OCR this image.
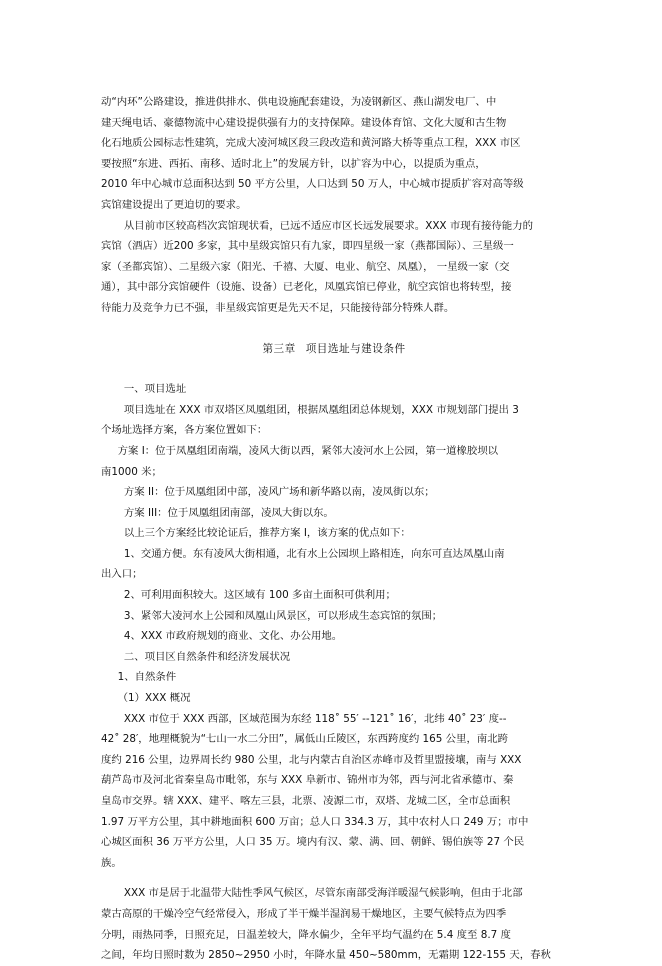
动“内环”公路建设，推进供排水、供电设施配套建设，为凌钢新区、燕山湖发电厂、中

建天绳电话、豪德物流中心建设提供强有力的支持保障。建设体育馆、文化大厦和古生物

化石地质公园标志性建筑，完成大凌河城区段三段改造和黄河路大桥等重点工程，XXX 市区

要按照“东进、西拓、南移、适时北上”的发展方针，以扩容为中心，以提质为重点，

2010 年中心城市总面积达到 50 平方公里，人口达到 50 万人，中心城市提质扩容对高等级

宾馆建设提出了更迫切的要求。

从目前市区较高档次宾馆现状看，已远不适应市区长远发展要求。XXX 市现有接待能力的

宾馆（酒店）近200 多家，其中星级宾馆只有九家，即四星级一家（燕都国际）、三星级一

家（圣都宾馆）、二星级六家（阳光、千禧、大厦、电业、航空、凤凰）， 一星级一家（交

通），其中部分宾馆硬件（设施、设备）已老化，凤凰宾馆已停业，航空宾馆也将转型，接

待能力及竞争力已不强，非星级宾馆更是先天不足，只能接待部分特殊人群。

第三章 项目选址与建设条件

一、项目选址

项目选址在 XXX 市双塔区凤凰组团，根据凤凰组团总体规划，XXX 市规划部门提出 3

个场址选择方案，各方案位置如下：

方案 I：位于凤凰组团南端，凌风大街以西，紧邻大凌河水上公园，第一道橡胶坝以

南1000 米；

方案 II：位于凤凰组团中部，凌风广场和新华路以南，凌凤街以东；

方案 III：位于凤凰组团南部，凌凤大街以东。

以上三个方案经比较论证后，推荐方案 I，该方案的优点如下：

1、交通方便。东有凌风大街相通，北有水上公园坝上路相连，向东可直达凤凰山南

出入口；

2、可利用面积较大。这区域有 100 多亩土面积可供利用；

3、紧邻大凌河水上公园和凤凰山风景区，可以形成生态宾馆的氛围；

4、XXX 市政府规划的商业、文化、办公用地。

二、项目区自然条件和经济发展状况

1、自然条件

（1）XXX 概况

XXX 市位于 XXX 西部，区域范围为东经 118˚ 55′ --121˚ 16′，北纬 40˚ 23′ 度--

42˚ 28′，地理概貌为“七山一水二分田”，属低山丘陵区，东西跨度约 165 公里，南北跨

度约 216 公里，边界周长约 980 公里，北与内蒙古自治区赤峰市及哲里盟接壤，南与 XXX

葫芦岛市及河北省秦皇岛市毗邻，东与 XXX 阜新市、锦州市为邻，西与河北省承德市、秦

皇岛市交界。辖 XXX、建平、喀左三县，北票、凌源二市，双塔、龙城二区，全市总面积

1.97 万平方公里，其中耕地面积 600 万亩；总人口 334.3 万，其中农村人口 249 万；市中

心城区面积 36 万平方公里，人口 35 万。境内有汉、蒙、满、回、朝鲜、锡伯族等 27 个民

族。

XXX 市是居于北温带大陆性季风气候区，尽管东南部受海洋暖湿气候影响，但由于北部

蒙古高原的干燥冷空气经常侵入，形成了半干燥半湿润易干燥地区，主要气候特点为四季

分明，雨热同季，日照充足，日温差较大，降水偏少，全年平均气温约在 5.4 度至 8.7 度

之间，年均日照时数为 2850~2950 小时，年降水量 450~580mm，无霜期 122-155 天，春秋
